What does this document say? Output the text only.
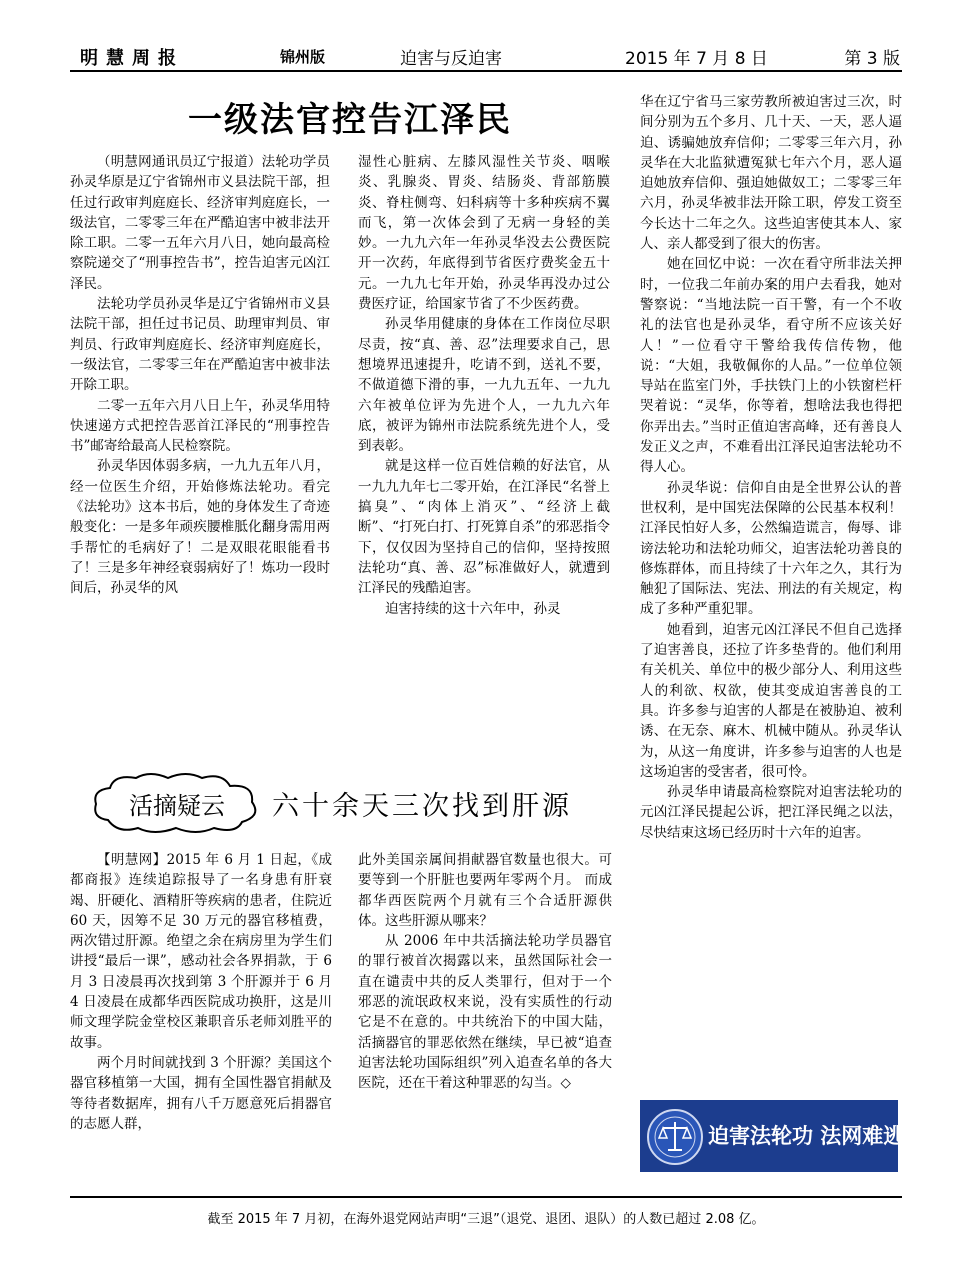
明慧周报	锦州版	迫害与反迫害	2015 年 7 月 8 日	第 3 版
一级法官控告江泽民

（明慧网通讯员辽宁报道）法轮功学员孙灵华原是辽宁省锦州市义县法院干部，担任过行政审判庭庭长、经济审判庭庭长，一级法官，二零零三年在严酷迫害中被非法开除工职。二零一五年六月八日，她向最高检察院递交了“刑事控告书”，控告迫害元凶江泽民。

法轮功学员孙灵华是辽宁省锦州市义县法院干部，担任过书记员、助理审判员、审判员、行政审判庭庭长、经济审判庭庭长，一级法官，二零零三年在严酷迫害中被非法开除工职。

二零一五年六月八日上午，孙灵华用特快速递方式把控告恶首江泽民的“刑事控告书”邮寄给最高人民检察院。

孙灵华因体弱多病，一九九五年八月，经一位医生介绍，开始修炼法轮功。看完《法轮功》这本书后，她的身体发生了奇迹般变化：一是多年顽疾腰椎胝化翻身需用两手帮忙的毛病好了！二是双眼花眼能看书了！三是多年神经衰弱病好了！炼功一段时间后，孙灵华的风

湿性心脏病、左膝风湿性关节炎、咽喉炎、乳腺炎、胃炎、结肠炎、背部筋膜炎、脊柱侧弯、妇科病等十多种疾病不翼而飞，第一次体会到了无病一身轻的美妙。一九九六年一年孙灵华没去公费医院开一次药，年底得到节省医疗费奖金五十元。一九九七年开始，孙灵华再没办过公费医疗证，给国家节省了不少医药费。

孙灵华用健康的身体在工作岗位尽职尽责，按“真、善、忍”法理要求自己，思想境界迅速提升，吃请不到，送礼不要，不做道德下滑的事，一九九五年、一九九六年被单位评为先进个人，一九九六年底，被评为锦州市法院系统先进个人，受到表彰。

就是这样一位百姓信赖的好法官，从一九九九年七二零开始，在江泽民“名誉上搞臭”、“肉体上消灭”、“经济上截断”、“打死白打、打死算自杀”的邪恶指令下，仅仅因为坚持自己的信仰，坚持按照法轮功“真、善、忍”标准做好人，就遭到江泽民的残酷迫害。

迫害持续的这十六年中，孙灵

华在辽宁省马三家劳教所被迫害过三次，时间分别为五个多月、几十天、一天，恶人逼迫、诱骗她放弃信仰；二零零三年六月，孙灵华在大北监狱遭冤狱七年六个月，恶人逼迫她放弃信仰、强迫她做奴工；二零零三年六月，孙灵华被非法开除工职，停发工资至今长达十二年之久。这些迫害使其本人、家人、亲人都受到了很大的伤害。

她在回忆中说：一次在看守所非法关押时，一位我二年前办案的用户去看我，她对警察说：“当地法院一百干警，有一个不收礼的法官也是孙灵华，看守所不应该关好人！”一位看守干警给我传信传物，他说：“大姐，我敬佩你的人品。”一位单位领导站在监室门外，手扶铁门上的小铁窗栏杆哭着说：“灵华，你等着，想啥法我也得把你弄出去。”当时正值迫害高峰，还有善良人发正义之声，不难看出江泽民迫害法轮功不得人心。

孙灵华说：信仰自由是全世界公认的普世权利，是中国宪法保障的公民基本权利！江泽民怕好人多，公然编造谎言，侮辱、诽谤法轮功和法轮功师父，迫害法轮功善良的修炼群体，而且持续了十六年之久，其行为触犯了国际法、宪法、刑法的有关规定，构成了多种严重犯罪。

她看到，迫害元凶江泽民不但自己选择了迫害善良，还拉了许多垫背的。他们利用有关机关、单位中的极少部分人、利用这些人的利欲、权欲，使其变成迫害善良的工具。许多参与迫害的人都是在被胁迫、被利诱、在无奈、麻木、机械中随从。孙灵华认为，从这一角度讲，许多参与迫害的人也是这场迫害的受害者，很可怜。

孙灵华申请最高检察院对迫害法轮功的元凶江泽民提起公诉，把江泽民绳之以法，尽快结束这场已经历时十六年的迫害。

活摘疑云	六十余天三次找到肝源

【明慧网】2015 年 6 月 1 日起，《成都商报》连续追踪报导了一名身患有肝衰竭、肝硬化、酒精肝等疾病的患者，住院近 60 天，因筹不足 30 万元的器官移植费，两次错过肝源。绝望之余在病房里为学生们讲授“最后一课”，感动社会各界捐款，于 6 月 3 日凌晨再次找到第 3 个肝源并于 6 月 4 日凌晨在成都华西医院成功换肝，这是川师文理学院金堂校区兼职音乐老师刘胜平的故事。

两个月时间就找到 3 个肝源？美国这个器官移植第一大国，拥有全国性器官捐献及等待者数据库，拥有八千万愿意死后捐器官的志愿人群，

此外美国亲属间捐献器官数量也很大。可要等到一个肝脏也要两年零两个月。 而成都华西医院两个月就有三个合适肝源供体。这些肝源从哪来？

从 2006 年中共活摘法轮功学员器官的罪行被首次揭露以来，虽然国际社会一直在谴责中共的反人类罪行，但对于一个邪恶的流氓政权来说，没有实质性的行动它是不在意的。中共统治下的中国大陆，活摘器官的罪恶依然在继续，早已被“追查迫害法轮功国际组织”列入追查名单的各大医院，还在干着这种罪恶的勾当。◇

迫害法轮功 法网难逃
截至 2015 年 7 月初，在海外退党网站声明“三退”（退党、退团、退队）的人数已超过 2.08 亿。
